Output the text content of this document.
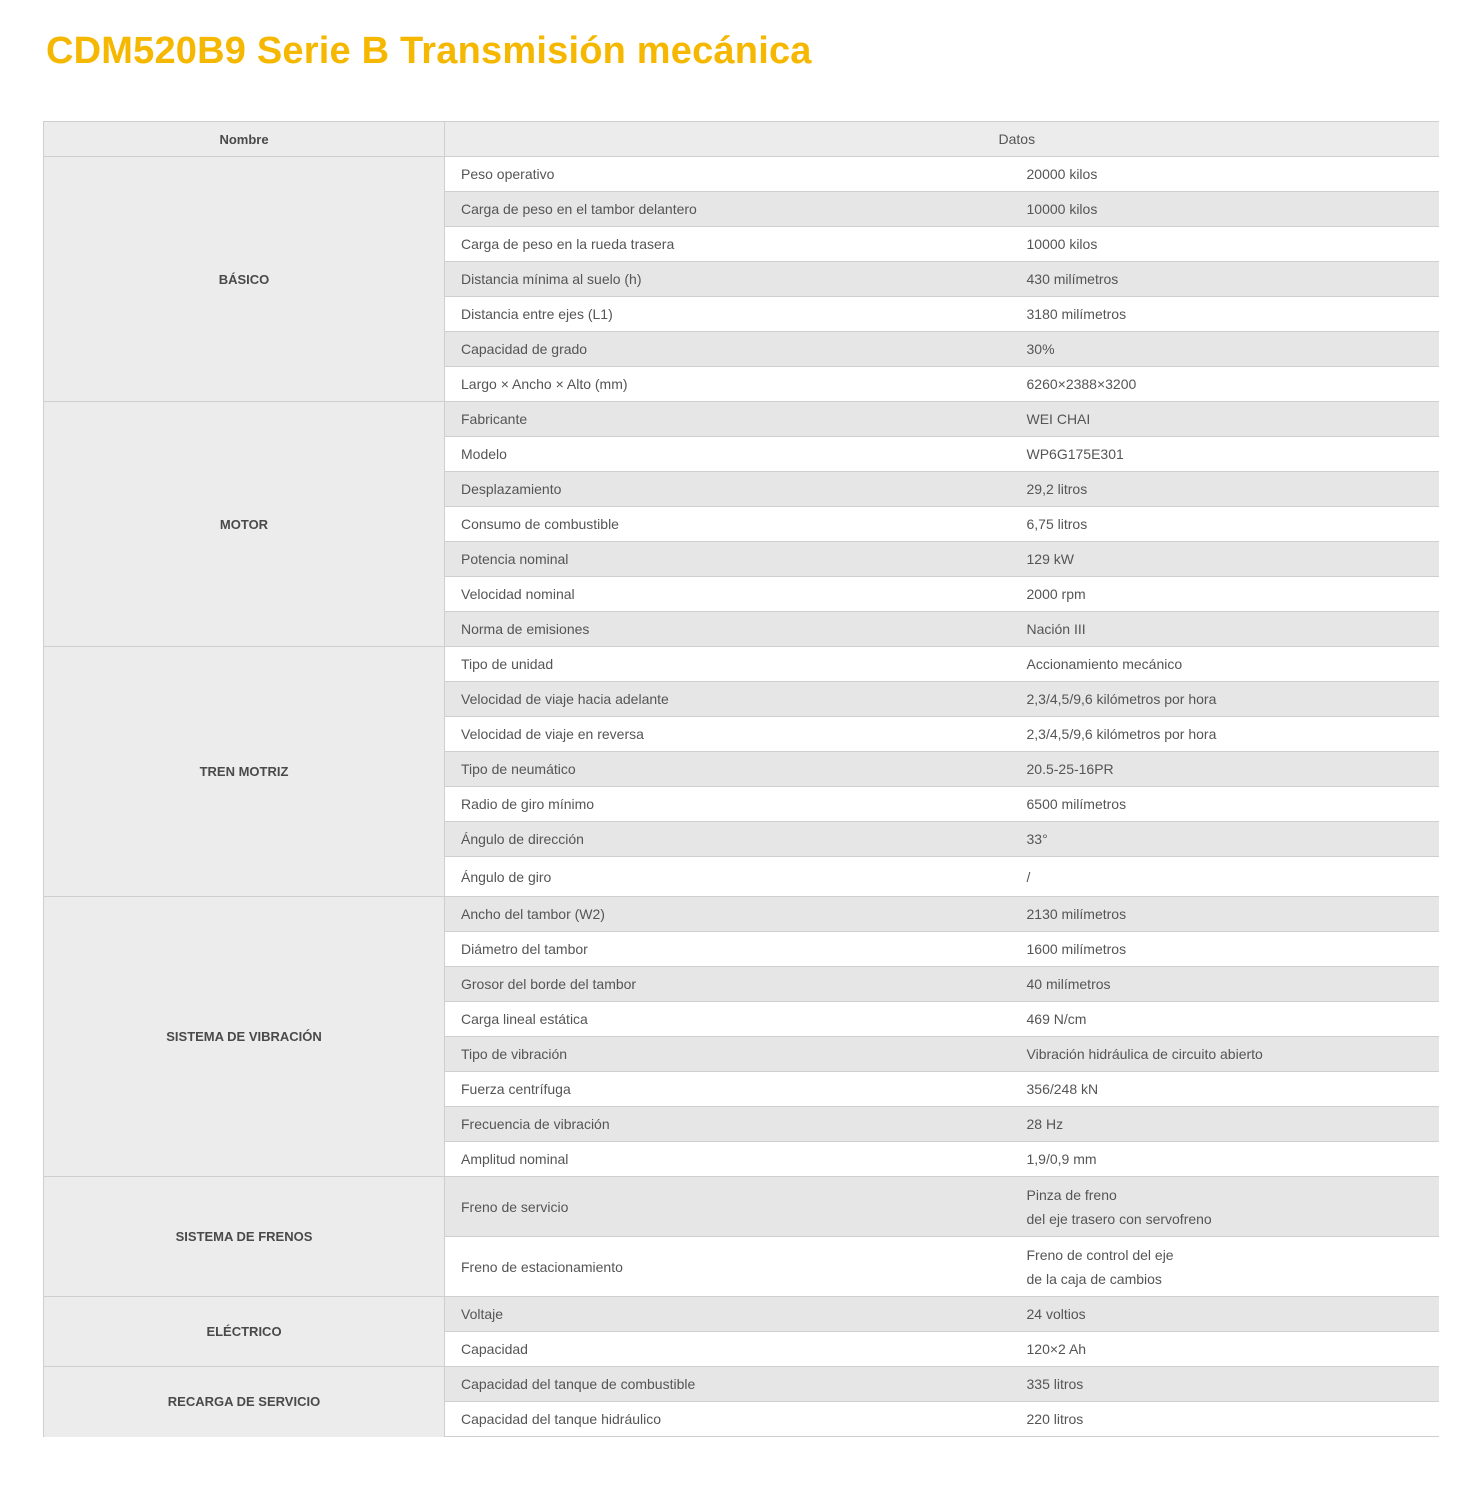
CDM520B9 Serie B Transmisión mecánica
Nombre		Datos
BÁSICO	Peso operativo	20000 kilos

	Carga de peso en el tambor delantero	10000 kilos

	Carga de peso en la rueda trasera	10000 kilos

	Distancia mínima al suelo (h)	430 milímetros

	Distancia entre ejes (L1)	3180 milímetros

	Capacidad de grado	30%

	Largo × Ancho × Alto (mm)	6260×2388×3200

MOTOR	Fabricante	WEI CHAI

	Modelo	WP6G175E301

	Desplazamiento	29,2 litros

	Consumo de combustible	6,75 litros

	Potencia nominal	129 kW

	Velocidad nominal	2000 rpm

	Norma de emisiones	Nación III

TREN MOTRIZ	Tipo de unidad	Accionamiento mecánico

	Velocidad de viaje hacia adelante	2,3/4,5/9,6 kilómetros por hora

	Velocidad de viaje en reversa	2,3/4,5/9,6 kilómetros por hora

	Tipo de neumático	20.5-25-16PR

	Radio de giro mínimo	6500 milímetros

	Ángulo de dirección	33°

	Ángulo de giro	/

SISTEMA DE VIBRACIÓN	Ancho del tambor (W2)	2130 milímetros

	Diámetro del tambor	1600 milímetros

	Grosor del borde del tambor	40 milímetros

	Carga lineal estática	469 N/cm

	Tipo de vibración	Vibración hidráulica de circuito abierto

	Fuerza centrífuga	356/248 kN

	Frecuencia de vibración	28 Hz

	Amplitud nominal	1,9/0,9 mm

SISTEMA DE FRENOS	Freno de servicio	Pinza de freno
del eje trasero con servofreno

	Freno de estacionamiento	Freno de control del eje
de la caja de cambios

ELÉCTRICO	Voltaje	24 voltios

	Capacidad	120×2 Ah

RECARGA DE SERVICIO	Capacidad del tanque de combustible	335 litros

	Capacidad del tanque hidráulico	220 litros
